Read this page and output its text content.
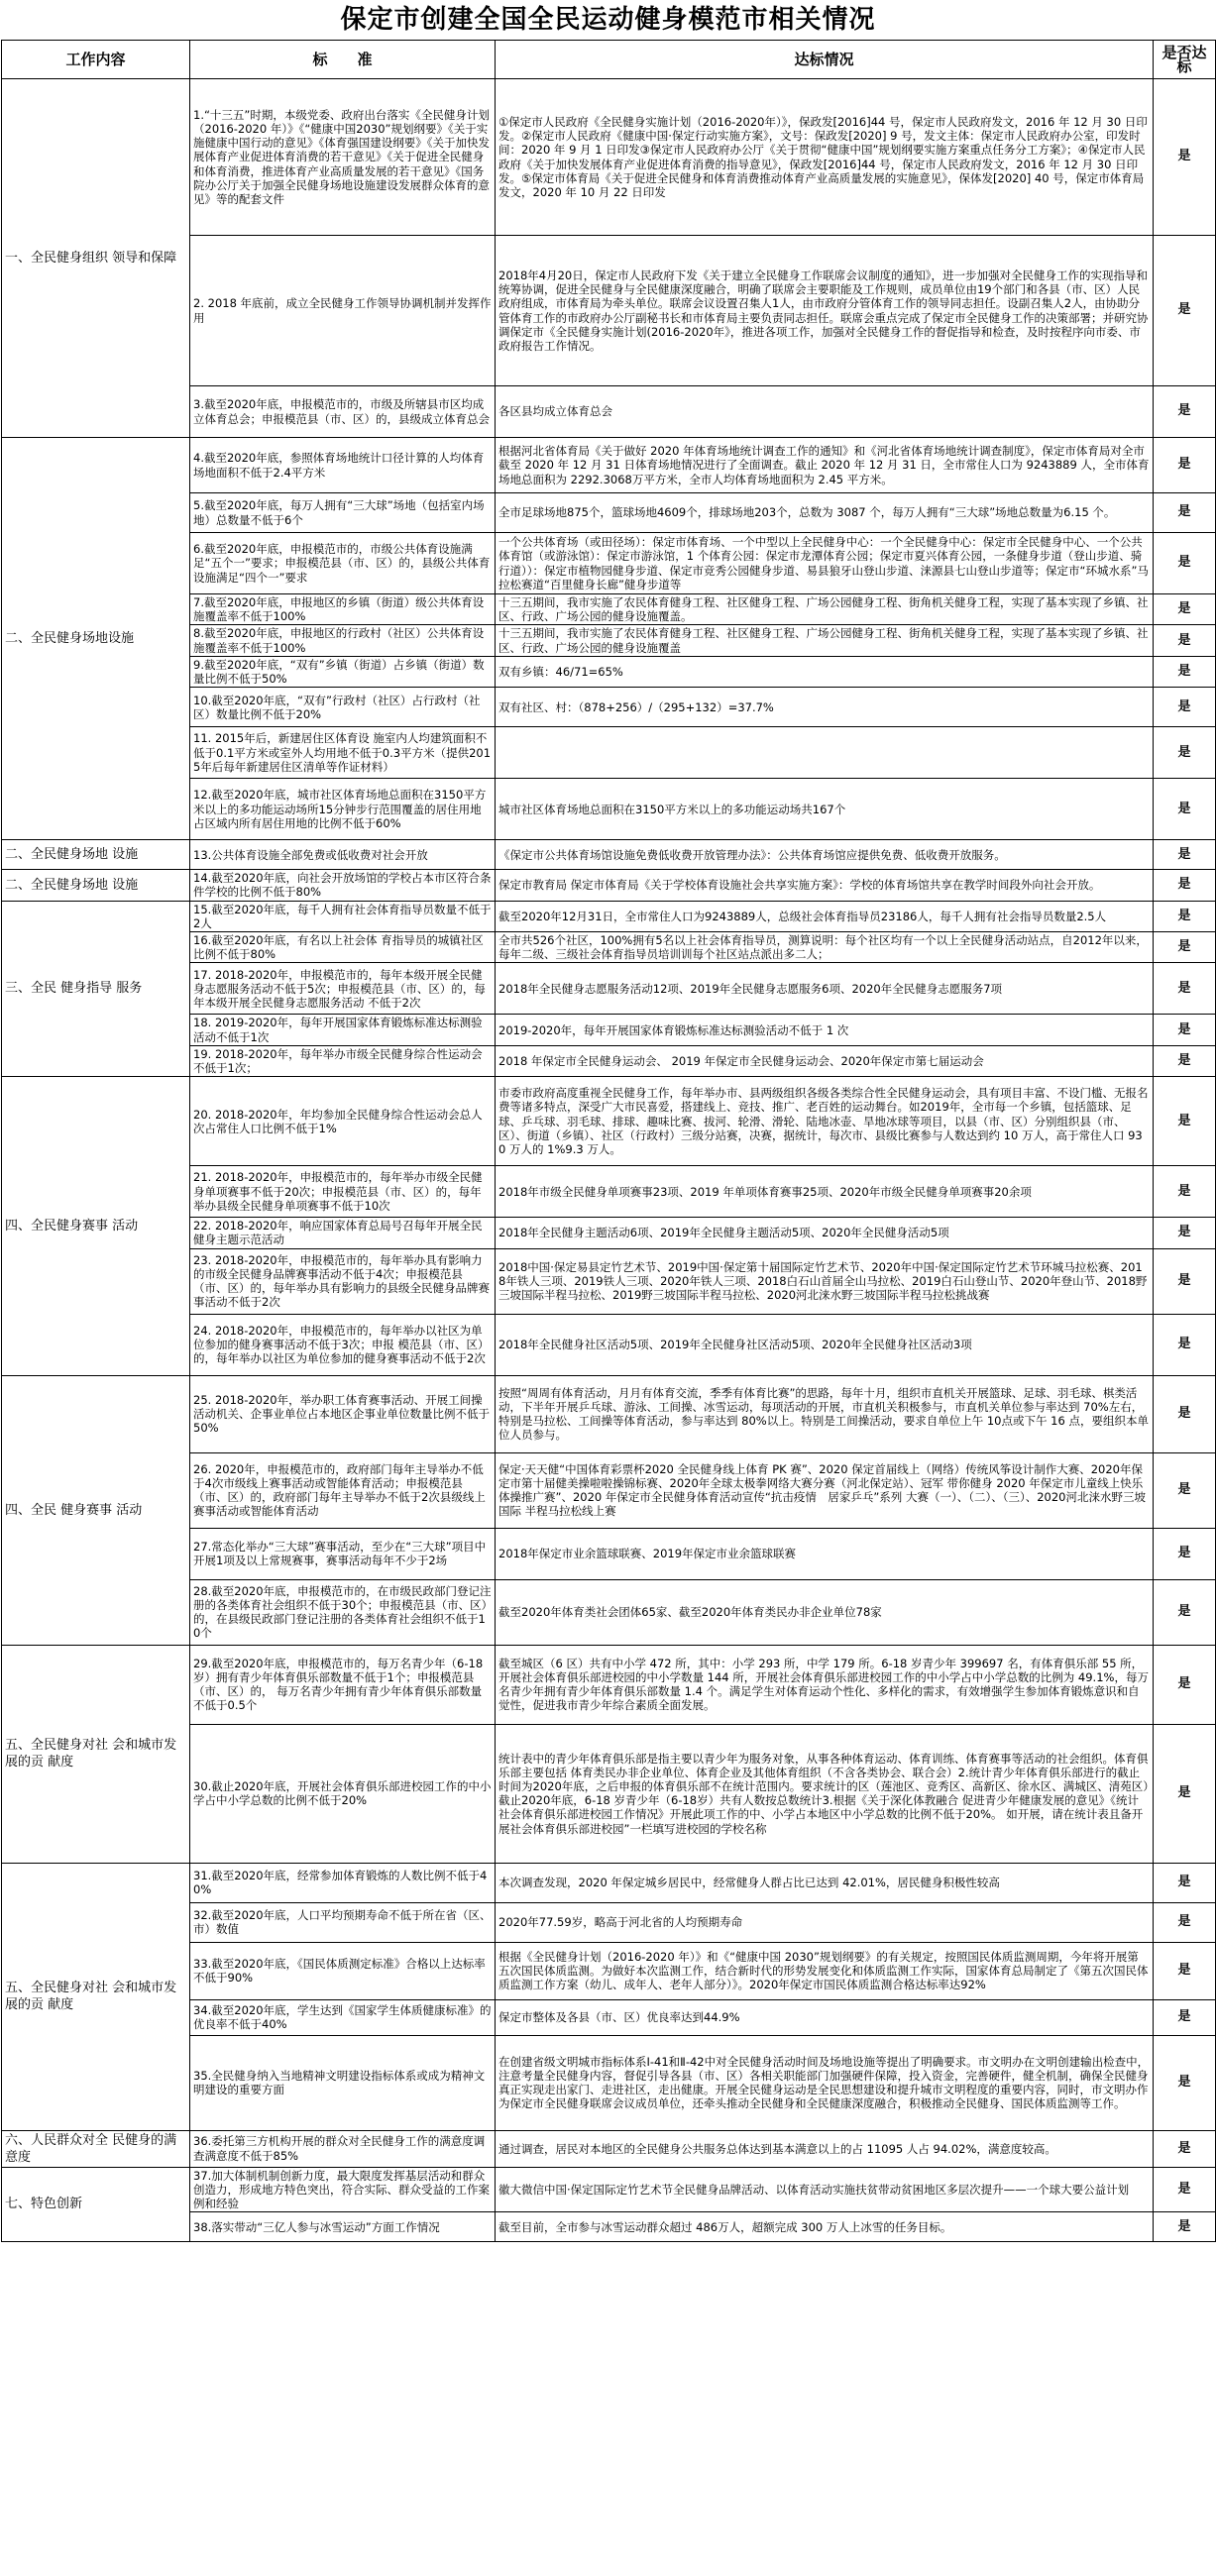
保定市创建全国全民运动健身模范市相关情况
工作内容	标　　准	达标情况	是否达标
一、全民健身组织 领导和保障	1.“十三五”时期，本级党委、政府出台落实《全民健身计划（2016-2020 年）》《“健康中国2030”规划纲要》《关于实施健康中国行动的意见》《体育强国建设纲要》《关于加快发展体育产业促进体育消费的若干意见》《关于促进全民健身和体育消费，推进体育产业高质量发展的若干意见》《国务院办公厅关于加强全民健身场地设施建设发展群众体育的意见》等的配套文件	①保定市人民政府《全民健身实施计划（2016-2020年）》，保政发[2016]44 号，保定市人民政府发文，2016 年 12 月 30 日印发。②保定市人民政府《健康中国·保定行动实施方案》，文号：保政发[2020] 9 号，发文主体：保定市人民政府办公室，印发时间：2020 年 9 月 1 日印发③保定市人民政府办公厅《关于贯彻“健康中国”规划纲要实施方案重点任务分工方案》；④保定市人民政府《关于加快发展体育产业促进体育消费的指导意见》，保政发[2016]44 号，保定市人民政府发文，2016 年 12 月 30 日印发。⑤保定市体育局《关于促进全民健身和体育消费推动体育产业高质量发展的实施意见》，保体发[2020] 40 号，保定市体育局发文，2020 年 10 月 22 日印发	是
	2. 2018 年底前，成立全民健身工作领导协调机制并发挥作用	2018年4月20日，保定市人民政府下发《关于建立全民健身工作联席会议制度的通知》，进一步加强对全民健身工作的实现指导和统筹协调，促进全民健身与全民健康深度融合，明确了联席会主要职能及工作规则，成员单位由19个部门和各县（市、区）人民政府组成，市体育局为牵头单位。联席会议设置召集人1人，由市政府分管体育工作的领导同志担任。设副召集人2人，由协助分管体育工作的市政府办公厅副秘书长和市体育局主要负责同志担任。联席会重点完成了保定市全民健身工作的决策部署；并研究协调保定市《全民健身实施计划(2016-2020年》，推进各项工作，加强对全民健身工作的督促指导和检查，及时按程序向市委、市政府报告工作情况。	是
	3.截至2020年底，申报模范市的，市级及所辖县市区均成立体育总会；申报模范县（市、区）的，县级成立体育总会	各区县均成立体育总会	是
二、全民健身场地设施	4.截至2020年底，参照体育场地统计口径计算的人均体育场地面积不低于2.4平方米	根据河北省体育局《关于做好 2020 年体育场地统计调查工作的通知》和《河北省体育场地统计调查制度》，保定市体育局对全市截至 2020 年 12 月 31 日体育场地情况进行了全面调查。截止 2020 年 12 月 31 日，全市常住人口为 9243889 人，全市体育场地总面积为 2292.3068万平方米，全市人均体育场地面积为 2.45 平方米。	是
	5.截至2020年底，每万人拥有“三大球”场地（包括室内场地）总数量不低于6个	全市足球场地875个，篮球场地4609个，排球场地203个，总数为 3087 个，每万人拥有“三大球”场地总数量为6.15 个。	是
	6.截至2020年底，申报模范市的，市级公共体育设施满足“五个一”要求；申报模范县（市、区）的，县级公共体育设施满足“四个一”要求	一个公共体育场（或田径场）：保定市体育场、一个中型以上全民健身中心：一个全民健身中心：保定市全民健身中心、一个公共体育馆（或游泳馆）：保定市游泳馆，1 个体育公园：保定市龙潭体育公园；保定市夏兴体育公园，一条健身步道（登山步道、骑行道））：保定市植物园健身步道、保定市竞秀公园健身步道、易县狼牙山登山步道、涞源县七山登山步道等；保定市“环城水系”马拉松赛道“百里健身长廊”健身步道等	是
	7.截至2020年底，申报地区的乡镇（街道）级公共体育设施覆盖率不低于100%	十三五期间，我市实施了农民体育健身工程、社区健身工程、广场公园健身工程、街角机关健身工程，实现了基本实现了乡镇、社区、行政、广场公园的健身设施覆盖。	是
	8.截至2020年底，申报地区的行政村（社区）公共体育设施覆盖率不低于100%	十三五期间，我市实施了农民体育健身工程、社区健身工程、广场公园健身工程、街角机关健身工程，实现了基本实现了乡镇、社区、行政、广场公园的健身设施覆盖	是
	9.截至2020年底，“双有”乡镇（街道）占乡镇（街道）数量比例不低于50%	双有乡镇：46/71=65%	是
	10.截至2020年底，“双有”行政村（社区）占行政村（社区）数量比例不低于20%	双有社区、村：（878+256）/（295+132）=37.7%	是
	11. 2015年后，新建居住区体育设 施室内人均建筑面积不低于0.1平方米或室外人均用地不低于0.3平方米（提供2015年后每年新建居住区清单等作证材料）		是
	12.截至2020年底，城市社区体育场地总面积在3150平方米以上的多功能运动场所15分钟步行范围覆盖的居住用地占区域内所有居住用地的比例不低于60%	城市社区体育场地总面积在3150平方米以上的多功能运动场共167个	是
二、全民健身场地 设施	13.公共体育设施全部免费或低收费对社会开放	《保定市公共体育场馆设施免费低收费开放管理办法》：公共体育场馆应提供免费、低收费开放服务。	是
二、全民健身场地 设施	14.截至2020年底，向社会开放场馆的学校占本市区符合条件学校的比例不低于80%	保定市教育局 保定市体育局《关于学校体育设施社会共享实施方案》：学校的体育场馆共享在教学时间段外向社会开放。	是
三、全民 健身指导 服务	15.截至2020年底，每千人拥有社会体育指导员数量不低于2人	截至2020年12月31日，全市常住人口为9243889人，总级社会体育指导员23186人，每千人拥有社会指导员数量2.5人	是
	16.截至2020年底，有名以上社会体 育指导员的城镇社区比例不低于80%	全市共526个社区，100%拥有5名以上社会体育指导员，测算说明：每个社区均有一个以上全民健身活动站点，自2012年以来，每年二级、三级社会体育指导员培训训每个社区站点派出多二人；	是
	17. 2018-2020年，申报模范市的，每年本级开展全民健身志愿服务活动不低于5次；申报模范县（市、区）的，每年本级开展全民健身志愿服务活动 不低于2次	2018年全民健身志愿服务活动12项、2019年全民健身志愿服务6项、2020年全民健身志愿服务7项	是
	18. 2019-2020年，每年开展国家体育锻炼标准达标测验活动不低于1次	2019-2020年，每年开展国家体育锻炼标准达标测验活动不低于 1 次	是
	19. 2018-2020年，每年举办市级全民健身综合性运动会不低于1次；	2018 年保定市全民健身运动会、 2019 年保定市全民健身运动会、2020年保定市第七届运动会	是
四、全民健身赛事 活动	20. 2018-2020年，年均参加全民健身综合性运动会总人次占常住人口比例不低于1%	市委市政府高度重视全民健身工作，每年举办市、县两级组织各级各类综合性全民健身运动会，具有项目丰富、不设门槛、无报名费等诸多特点，深受广大市民喜爱，搭建线上、竞技、推广、老百姓的运动舞台。如2019年，全市每一个乡镇，包括篮球、足球、乒乓球、羽毛球、排球、趣味比赛、拔河、轮滑、滑轮、陆地冰壶、旱地冰球等项目，以县（市、区）分别组织县（市、区）、街道（乡镇）、社区（行政村）三级分站赛，决赛，据统计，每次市、县级比赛参与人数达到约 10 万人，高于常住人口 930 万人的 1%9.3 万人。	是
	21. 2018-2020年，申报模范市的，每年举办市级全民健身单项赛事不低于20次；申报模范县（市、区）的，每年举办县级全民健身单项赛事不低于10次	2018年市级全民健身单项赛事23项、2019 年单项体育赛事25项、2020年市级全民健身单项赛事20余项	是
	22. 2018-2020年，响应国家体育总局号召每年开展全民健身主题示范活动	2018年全民健身主题活动6项、2019年全民健身主题活动5项、2020年全民健身活动5项	是
	23. 2018-2020年，申报模范市的，每年举办具有影响力的市级全民健身品牌赛事活动不低于4次；申报模范县（市、区）的，每年举办具有影响力的县级全民健身品牌赛事活动不低于2次	2018中国·保定易县定竹艺术节、2019中国·保定第十届国际定竹艺术节、2020年中国·保定国际定竹艺术节环城马拉松赛、2018年铁人三项、2019铁人三项、2020年铁人三项、2018白石山首届全山马拉松、2019白石山登山节、2020年登山节、2018野三坡国际半程马拉松、2019野三坡国际半程马拉松、2020河北涞水野三坡国际半程马拉松挑战赛	是
	24. 2018-2020年，申报模范市的，每年举办以社区为单位参加的健身赛事活动不低于3次；申报 模范县（市、区）的，每年举办以社区为单位参加的健身赛事活动不低于2次	2018年全民健身社区活动5项、2019年全民健身社区活动5项、2020年全民健身社区活动3项	是
四、全民 健身赛事 活动	25. 2018-2020年，举办职工体育赛事活动、开展工间操活动机关、企事业单位占本地区企事业单位数量比例不低于50%	按照“周周有体育活动，月月有体育交流，季季有体育比赛”的思路，每年十月，组织市直机关开展篮球、足球、羽毛球、棋类活动，下半年开展乒乓球、游泳、工间操、冰雪运动，每项活动的开展，市直机关积极参与，市直机关单位参与率达到 70%左右，特别是马拉松、工间操等体育活动，参与率达到 80%以上。特别是工间操活动，要求自单位上午 10点或下午 16 点，要组织本单位人员参与。	是
	26. 2020年，申报模范市的，政府部门每年主导举办不低于4次市级线上赛事活动或智能体育活动；申报模范县（市、区）的，政府部门每年主导举办不低于2次县级线上赛事活动或智能体育活动	保定·天天健“中国体育彩票杯2020 全民健身线上体育 PK 赛”、2020 保定首届线上（网络）传统风筝设计制作大赛、2020年保定市第十届健美操啦啦操锦标赛、2020年全球太极拳网络大赛分赛（河北保定站）、冠军 带你健身 2020 年保定市儿童线上快乐体操推广赛”、2020 年保定市全民健身体育活动宣传“抗击疫情　居家乒乓”系列 大赛（一）、（二）、（三）、2020河北涞水野三坡国际 半程马拉松线上赛	是
	27.常态化举办“三大球”赛事活动，至少在“三大球”项目中开展1项及以上常规赛事，赛事活动每年不少于2场	2018年保定市业余篮球联赛、2019年保定市业余篮球联赛	是
	28.截至2020年底，申报模范市的，在市级民政部门登记注册的各类体育社会组织不低于30个；申报模范县（市、区）的，在县级民政部门登记注册的各类体育社会组织不低于10个	截至2020年体育类社会团体65家、截至2020年体育类民办非企业单位78家	是
五、全民健身对社 会和城市发展的贡 献度	29.截至2020年底，申报模范市的，每万名青少年（6-18岁）拥有青少年体育俱乐部数量不低于1个；申报模范县（市、区）的， 每万名青少年拥有青少年体育俱乐部数量不低于0.5个	截至城区（6 区）共有中小学 472 所，其中：小学 293 所，中学 179 所。6-18 岁青少年 399697 名，有体育俱乐部 55 所，开展社会体育俱乐部进校园的中小学数量 144 所，开展社会体育俱乐部进校园工作的中小学占中小学总数的比例为 49.1%，每万名青少年拥有青少年体育俱乐部数量 1.4 个。满足学生对体育运动个性化、多样化的需求，有效增强学生参加体育锻炼意识和自觉性，促进我市青少年综合素质全面发展。	是
	30.截止2020年底，开展社会体育俱乐部进校园工作的中小学占中小学总数的比例不低于20%	统计表中的青少年体育俱乐部是指主要以青少年为服务对象，从事各种体育运动、体育训练、体育赛事等活动的社会组织。体育俱乐部主要包括 体育类民办非企业单位、体育企业及其他体育组织（不含各类协会、联合会）2.统计青少年体育俱乐部进行的截止时间为2020年底，之后申报的体育俱乐部不在统计范围内。要求统计的区（莲池区、竞秀区、高新区、徐水区、满城区、清苑区）截止2020年底，6-18 岁青少年（6-18岁）共有人数按总数统计3.根据《关于深化体教融合 促进青少年健康发展的意见》《统计社会体育俱乐部进校园工作情况》开展此项工作的中、小学占本地区中小学总数的比例不低于20%。 如开展，请在统计表且备开展社会体育俱乐部进校园”一栏填写进校园的学校名称	是
五、全民健身对社 会和城市发展的贡 献度	31.截至2020年底，经常参加体育锻炼的人数比例不低于40%	本次调查发现，2020 年保定城乡居民中，经常健身人群占比已达到 42.01%，居民健身积极性较高	是
	32.截至2020年底，人口平均预期寿命不低于所在省（区、市）数值	2020年77.59岁，略高于河北省的人均预期寿命	是
	33.截至2020年底，《国民体质测定标准》合格以上达标率不低于90%	根据《全民健身计划（2016-2020 年）》和《“健康中国 2030”规划纲要》的有关规定，按照国民体质监测周期，今年将开展第五次国民体质监测。为做好本次监测工作，结合新时代的形势发展变化和体质监测工作实际，国家体育总局制定了《第五次国民体质监测工作方案（幼儿、成年人、老年人部分）》。2020年保定市国民体质监测合格达标率达92%	是
	34.截至2020年底，学生达到《国家学生体质健康标准》的优良率不低于40%	保定市整体及各县（市、区）优良率达到44.9%	是
	35.全民健身纳入当地精神文明建设指标体系或成为精神文明建设的重要方面	在创建省级文明城市指标体系Ⅰ-41和Ⅱ-42中对全民健身活动时间及场地设施等提出了明确要求。市文明办在文明创建输出检查中，注意考量全民健身内容，督促引导各县（市、区）各相关职能部门加强硬件保障，投入资金，完善硬件，健全机制，确保全民健身真正实现走出家门、走进社区，走出健康。开展全民健身运动是全民思想建设和提升城市文明程度的重要内容，同时，市文明办作为保定市全民健身联席会议成员单位，还牵头推动全民健身和全民健康深度融合，积极推动全民健身、国民体质监测等工作。	是
六、人民群众对全 民健身的满意度	36.委托第三方机构开展的群众对全民健身工作的满意度调查满意度不低于85%	通过调查，居民对本地区的全民健身公共服务总体达到基本满意以上的占 11095 人占 94.02%，满意度较高。	是
七、特色创新	37.加大体制机制创新力度，最大限度发挥基层活动和群众创造力，形成地方特色突出，符合实际、群众受益的工作案例和经验	徽大微信中国·保定国际定竹艺术节全民健身品牌活动、以体育活动实施扶贫带动贫困地区多层次提升——一个球大要公益计划	是
	38.落实带动“三亿人参与冰雪运动”方面工作情况	截至目前，全市参与冰雪运动群众超过 486万人，超额完成 300 万人上冰雪的任务目标。	是
